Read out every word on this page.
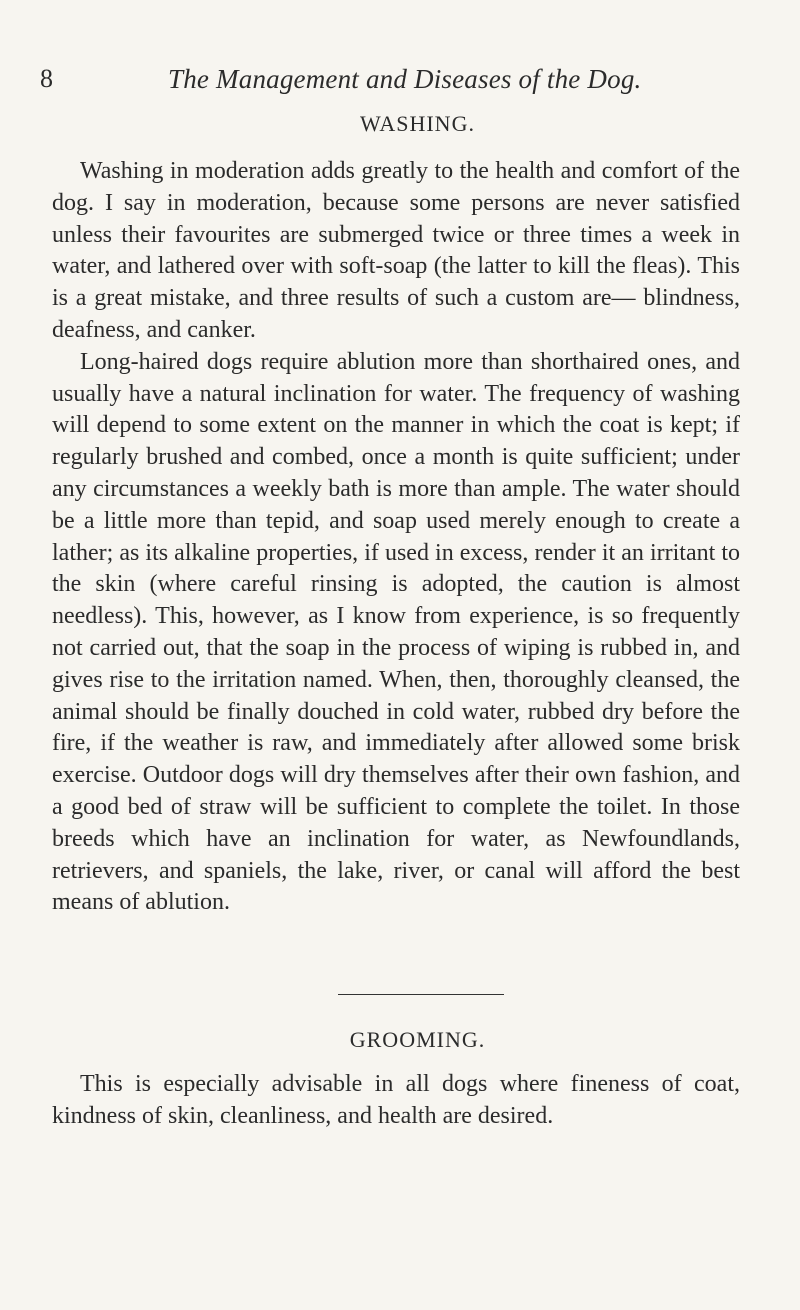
8	The Management and Diseases of the Dog.
WASHING.

Washing in moderation adds greatly to the health and comfort of the dog. I say in moderation, because some persons are never satisfied unless their favourites are submerged twice or three times a week in water, and lathered over with soft-soap (the latter to kill the fleas). This is a great mistake, and three results of such a custom are— blindness, deafness, and canker.

Long-haired dogs require ablution more than shorthaired ones, and usually have a natural inclination for water. The frequency of washing will depend to some extent on the manner in which the coat is kept; if regularly brushed and combed, once a month is quite sufficient; under any circumstances a weekly bath is more than ample. The water should be a little more than tepid, and soap used merely enough to create a lather; as its alkaline properties, if used in excess, render it an irritant to the skin (where careful rinsing is adopted, the caution is almost needless). This, however, as I know from experience, is so frequently not carried out, that the soap in the process of wiping is rubbed in, and gives rise to the irritation named. When, then, thoroughly cleansed, the animal should be finally douched in cold water, rubbed dry before the fire, if the weather is raw, and immediately after allowed some brisk exercise. Outdoor dogs will dry themselves after their own fashion, and a good bed of straw will be sufficient to complete the toilet. In those breeds which have an inclination for water, as Newfoundlands, retrievers, and spaniels, the lake, river, or canal will afford the best means of ablution.

GROOMING.

This is especially advisable in all dogs where fineness of coat, kindness of skin, cleanliness, and health are desired.
